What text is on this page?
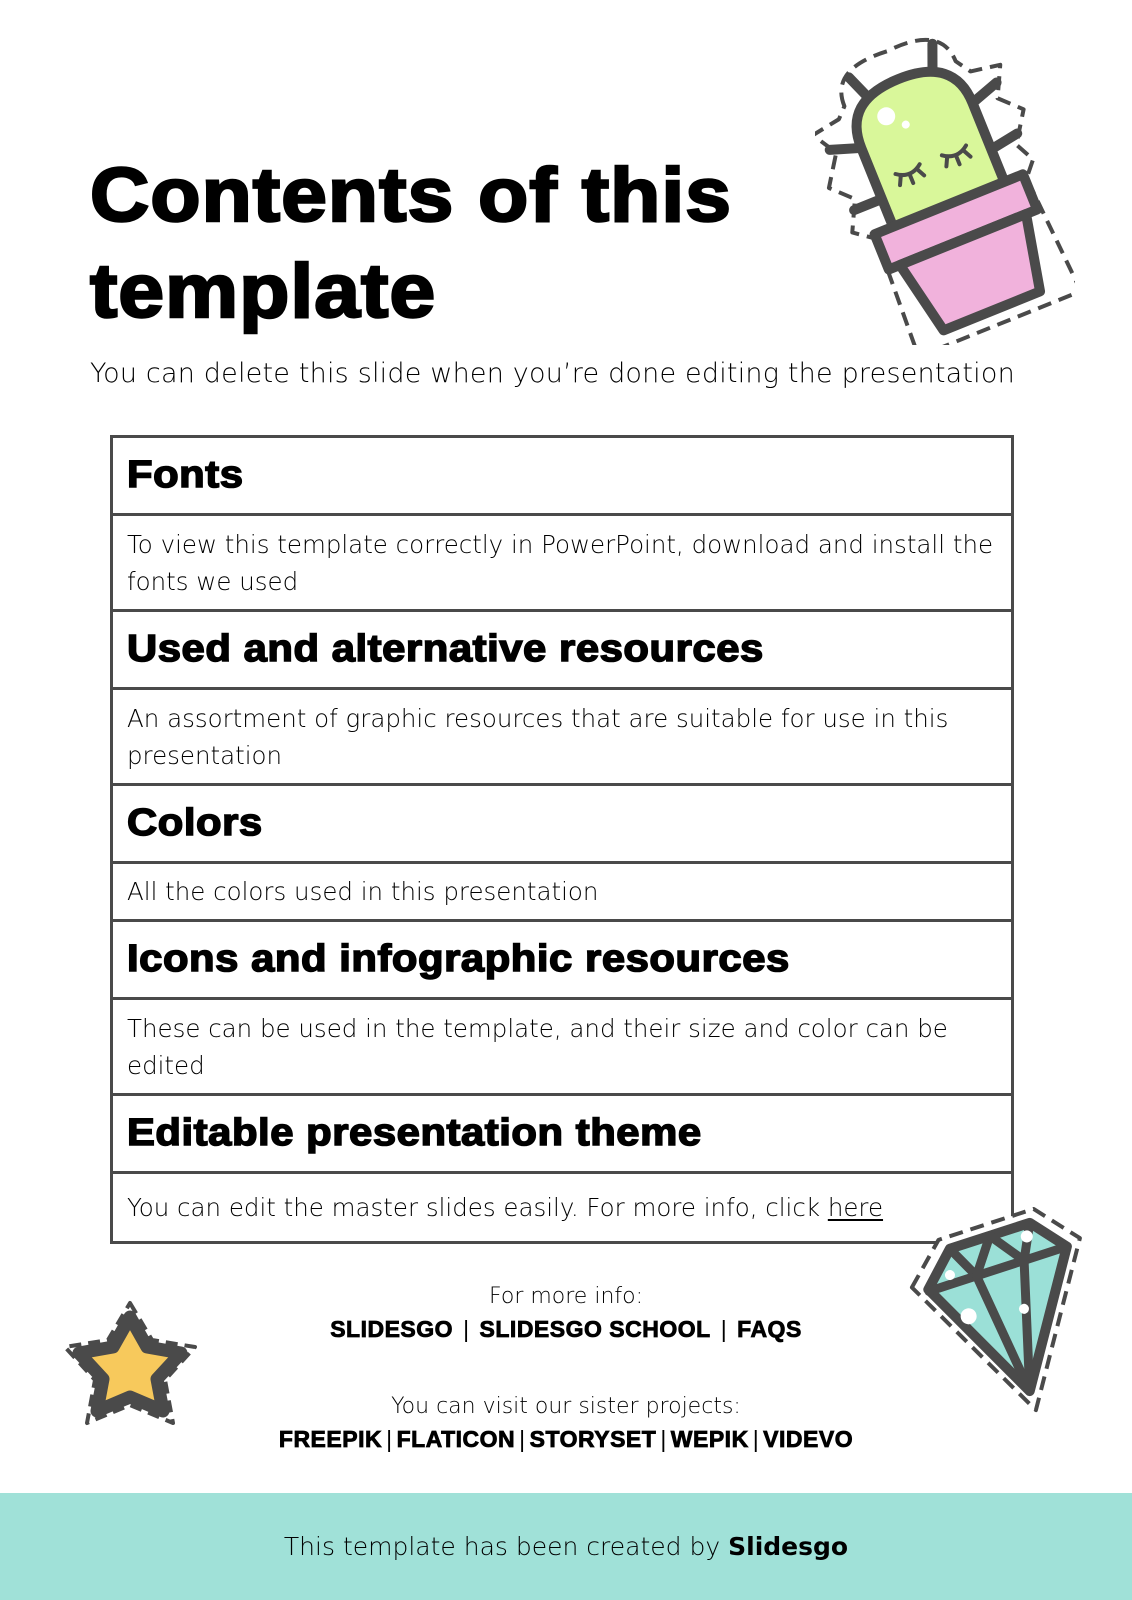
Contents of this
template

You can delete this slide when you’re done editing the presentation

Fonts
To view this template correctly in PowerPoint, download and install the fonts we used
Used and alternative resources
An assortment of graphic resources that are suitable for use in this presentation
Colors
All the colors used in this presentation
Icons and infographic resources
These can be used in the template, and their size and color can be edited
Editable presentation theme
You can edit the master slides easily. For more info, click here
For more info:
SLIDESGO | SLIDESGO SCHOOL | FAQS
You can visit our sister projects:
FREEPIK | FLATICON | STORYSET | WEPIK | VIDEVO
This template has been created by Slidesgo
